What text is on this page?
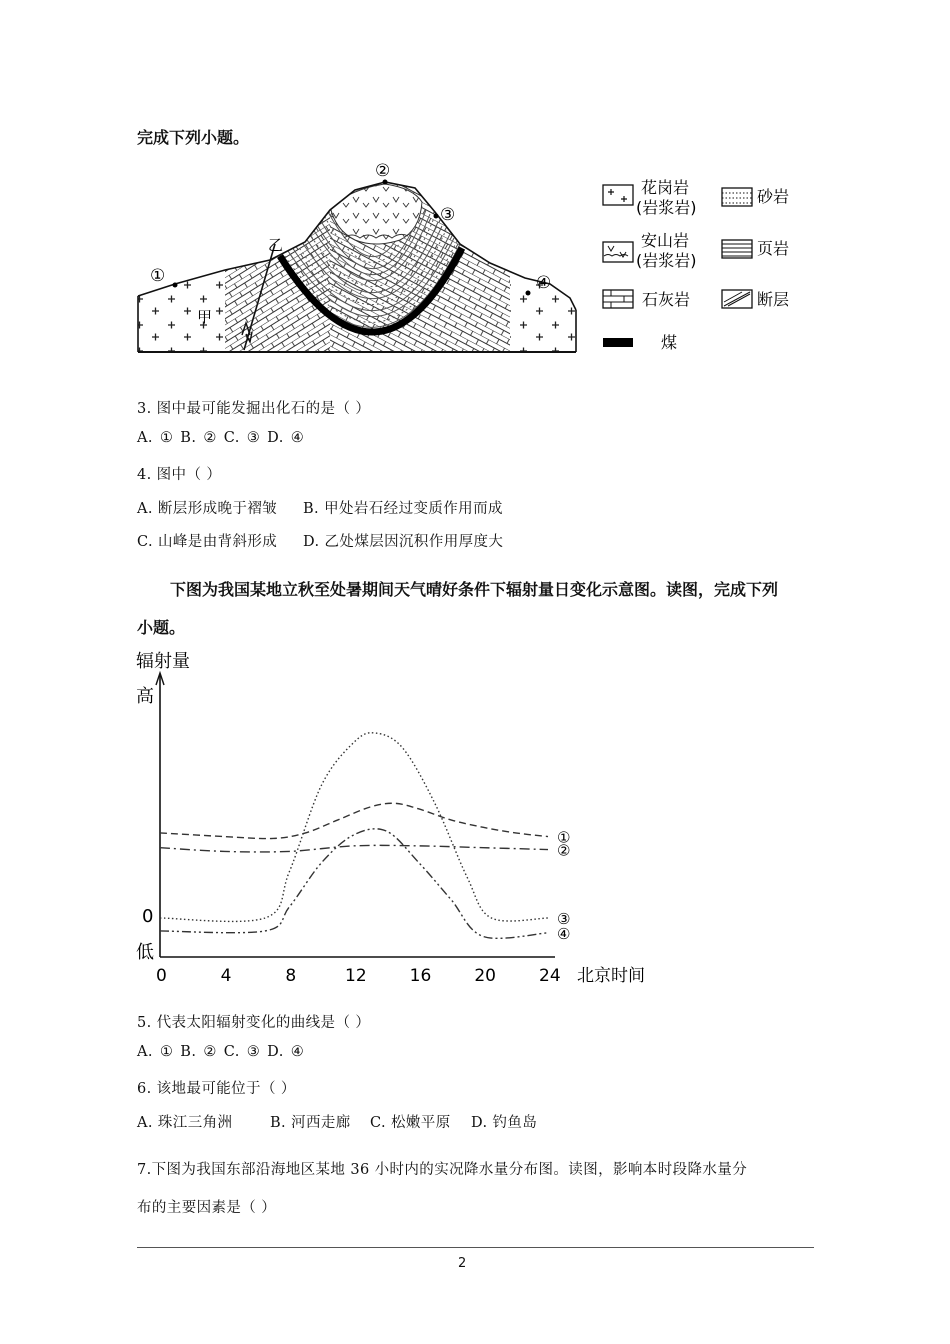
完成下列小题。
①
②
③
④
甲
乙
花岗岩
(岩浆岩)
安山岩
(岩浆岩)
石灰岩
砂岩
页岩
断层
煤
3. 图中最可能发掘出化石的是（ ）
A. ① B. ② C. ③ D. ④
4. 图中（ ）
A. 断层形成晚于褶皱 B. 甲处岩石经过变质作用而成
C. 山峰是由背斜形成 D. 乙处煤层因沉积作用厚度大
下图为我国某地立秋至处暑期间天气晴好条件下辐射量日变化示意图。读图，完成下列
小题。
辐射量
高
0
低
0	4	8	12	16	20	24 北京时间
①
②
③
④
5. 代表太阳辐射变化的曲线是（ ）
A. ① B. ② C. ③ D. ④
6. 该地最可能位于（ ）
A. 珠江三角洲	B. 河西走廊 C. 松嫩平原 D. 钓鱼岛
7.下图为我国东部沿海地区某地 36 小时内的实况降水量分布图。读图，影响本时段降水量分
布的主要因素是（ ）
2
